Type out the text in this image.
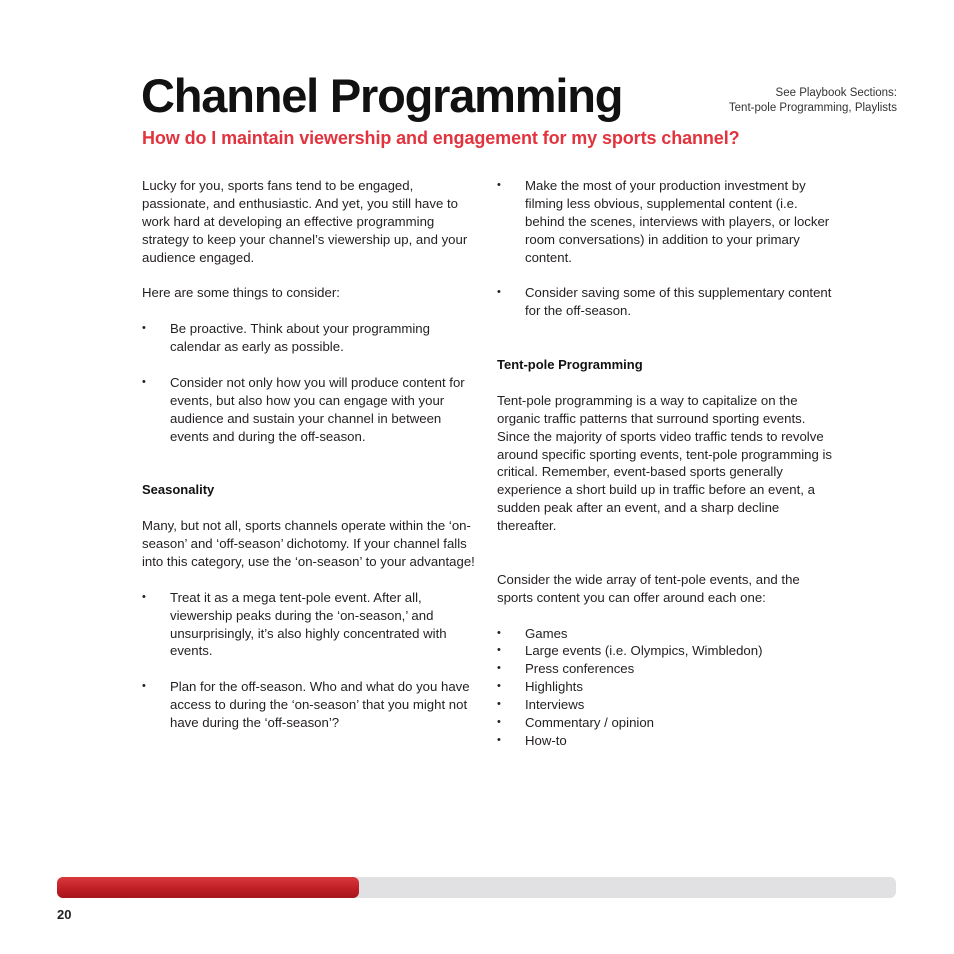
Channel Programming	See Playbook Sections:
Tent-pole Programming, Playlists
How do I maintain viewership and engagement for my sports channel?

Lucky for you, sports fans tend to be engaged, passionate, and enthusiastic. And yet, you still have to work hard at developing an effective programming strategy to keep your channel’s viewership up, and your audience engaged.

Here are some things to consider:

•	Be proactive. Think about your programming calendar as early as possible.
•	Consider not only how you will produce content for events, but also how you can engage with your audience and sustain your channel in between events and during the off-season.
Seasonality

Many, but not all, sports channels operate within the ‘on-season’ and ‘off-season’ dichotomy. If your channel falls into this category, use the ‘on-season’ to your advantage!

•	Treat it as a mega tent-pole event. After all, viewership peaks during the ‘on-season,’ and unsurprisingly, it’s also highly concentrated with events.
•	Plan for the off-season. Who and what do you have access to during the ‘on-season’ that you might not have during the ‘off-season’?
•	Make the most of your production investment by filming less obvious, supplemental content (i.e. behind the scenes, interviews with players, or locker room conversations) in addition to your primary content.
•	Consider saving some of this supplementary content for the off-season.
Tent-pole Programming

Tent-pole programming is a way to capitalize on the organic traffic patterns that surround sporting events. Since the majority of sports video traffic tends to revolve around specific sporting events, tent-pole programming is critical. Remember, event-based sports generally experience a short build up in traffic before an event, a sudden peak after an event, and a sharp decline thereafter.

Consider the wide array of tent-pole events, and the sports content you can offer around each one:

•	Games
•	Large events (i.e. Olympics, Wimbledon)
•	Press conferences
•	Highlights
•	Interviews
•	Commentary / opinion
•	How-to
20
